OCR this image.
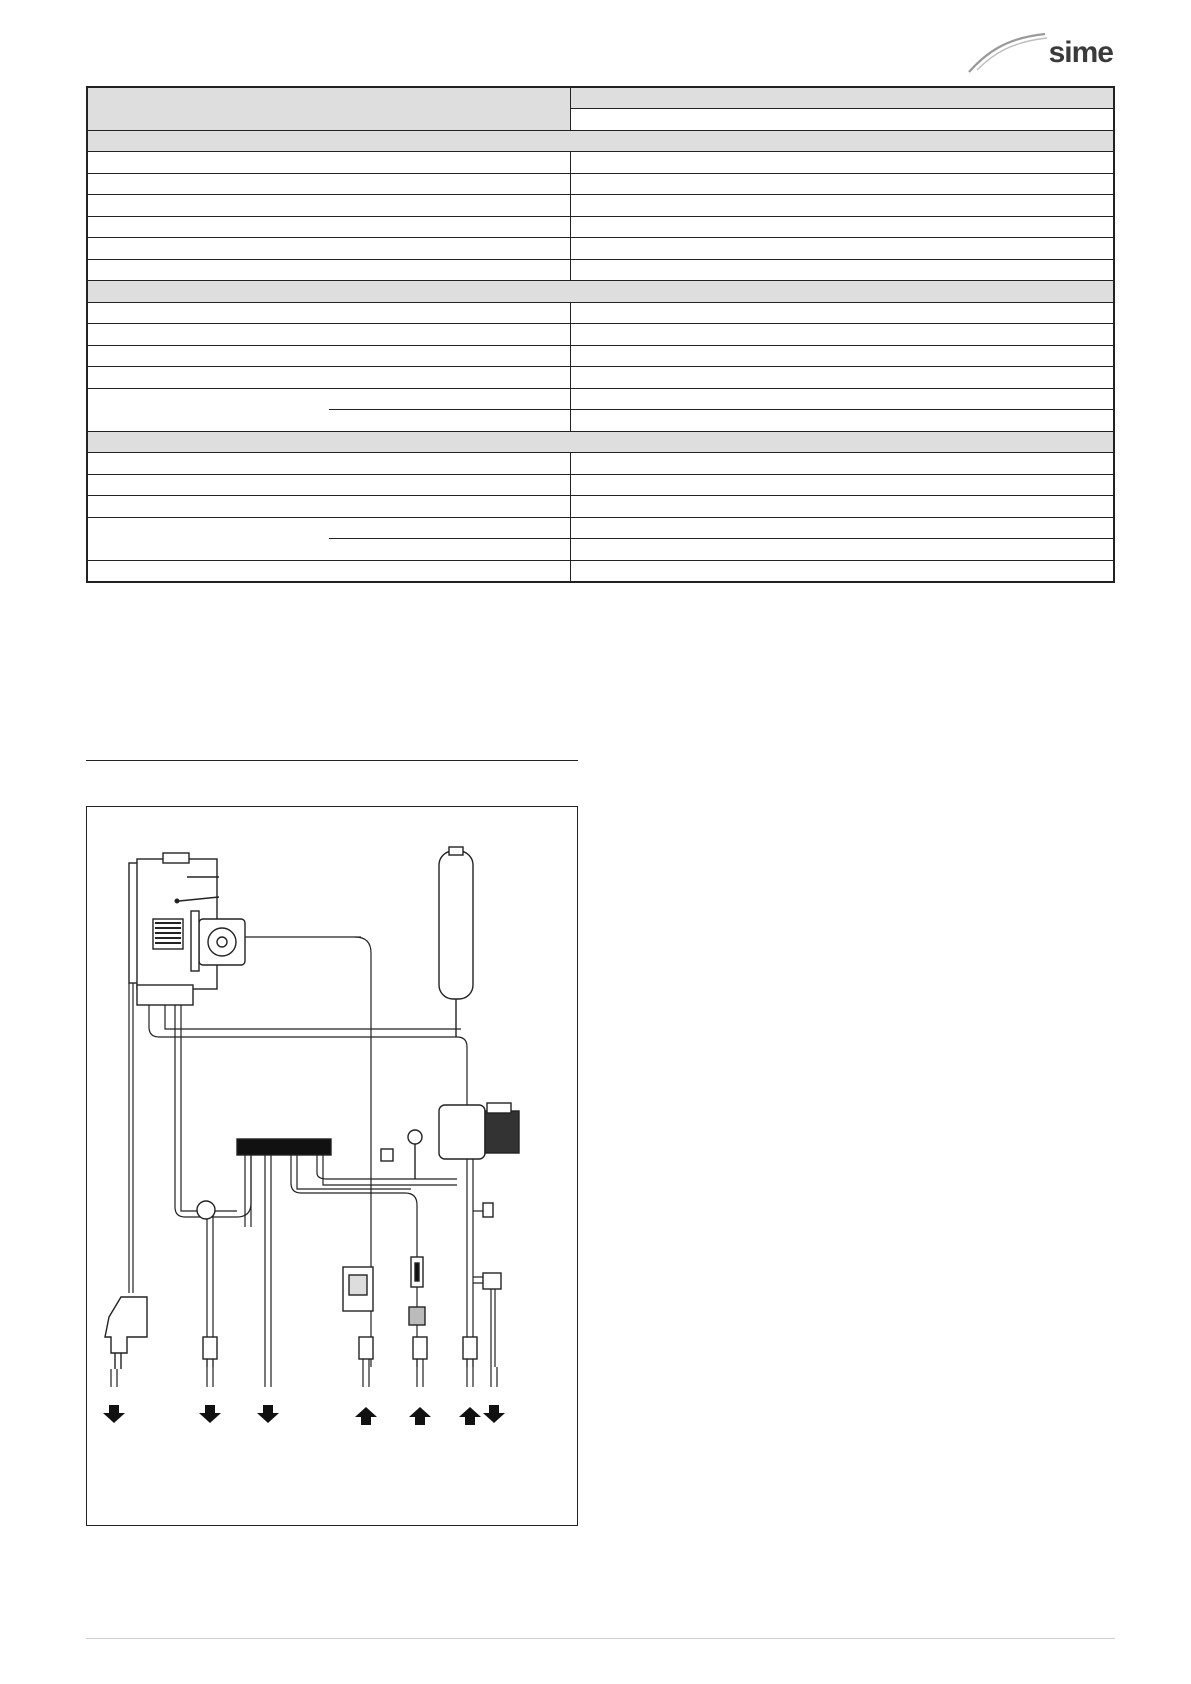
sime
